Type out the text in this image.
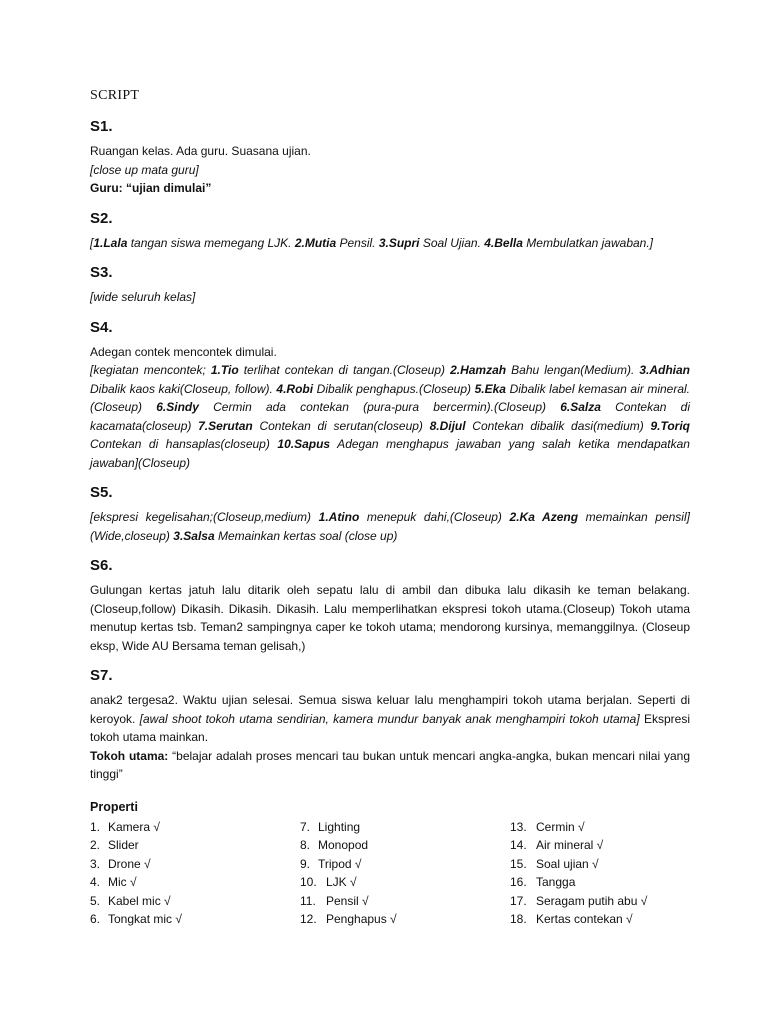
SCRIPT
S1.

Ruangan kelas. Ada guru. Suasana ujian.

[close up mata guru]

Guru: “ujian dimulai”

S2.

[1.Lala tangan siswa memegang LJK. 2.Mutia Pensil. 3.Supri Soal Ujian. 4.Bella Membulatkan jawaban.]

S3.

[wide seluruh kelas]

S4.

Adegan contek mencontek dimulai.

[kegiatan mencontek; 1.Tio terlihat contekan di tangan.(Closeup) 2.Hamzah Bahu lengan(Medium). 3.Adhian Dibalik kaos kaki(Closeup, follow). 4.Robi Dibalik penghapus.(Closeup) 5.Eka Dibalik label kemasan air mineral.(Closeup) 6.Sindy Cermin ada contekan (pura-pura bercermin).(Closeup) 6.Salza Contekan di kacamata(closeup) 7.Serutan Contekan di serutan(closeup) 8.Dijul Contekan dibalik dasi(medium) 9.Toriq Contekan di hansaplas(closeup) 10.Sapus Adegan menghapus jawaban yang salah ketika mendapatkan jawaban](Closeup)

S5.

[ekspresi kegelisahan;(Closeup,medium) 1.Atino menepuk dahi,(Closeup) 2.Ka Azeng memainkan pensil](Wide,closeup) 3.Salsa Memainkan kertas soal (close up)

S6.

Gulungan kertas jatuh lalu ditarik oleh sepatu lalu di ambil dan dibuka lalu dikasih ke teman belakang.(Closeup,follow) Dikasih. Dikasih. Dikasih. Lalu memperlihatkan ekspresi tokoh utama.(Closeup) Tokoh utama menutup kertas tsb. Teman2 sampingnya caper ke tokoh utama; mendorong kursinya, memanggilnya. (Closeup eksp, Wide AU Bersama teman gelisah,)

S7.

anak2 tergesa2. Waktu ujian selesai. Semua siswa keluar lalu menghampiri tokoh utama berjalan. Seperti di keroyok. [awal shoot tokoh utama sendirian, kamera mundur banyak anak menghampiri tokoh utama] Ekspresi tokoh utama mainkan.

Tokoh utama: “belajar adalah proses mencari tau bukan untuk mencari angka-angka, bukan mencari nilai yang tinggi”

Properti
1. Kamera √
2. Slider
3. Drone √
4. Mic √
5. Kabel mic √
6. Tongkat mic √
7. Lighting
8. Monopod
9. Tripod √
10. LJK √
11. Pensil √
12. Penghapus √
13. Cermin √
14. Air mineral √
15. Soal ujian √
16. Tangga
17. Seragam putih abu √
18. Kertas contekan √
